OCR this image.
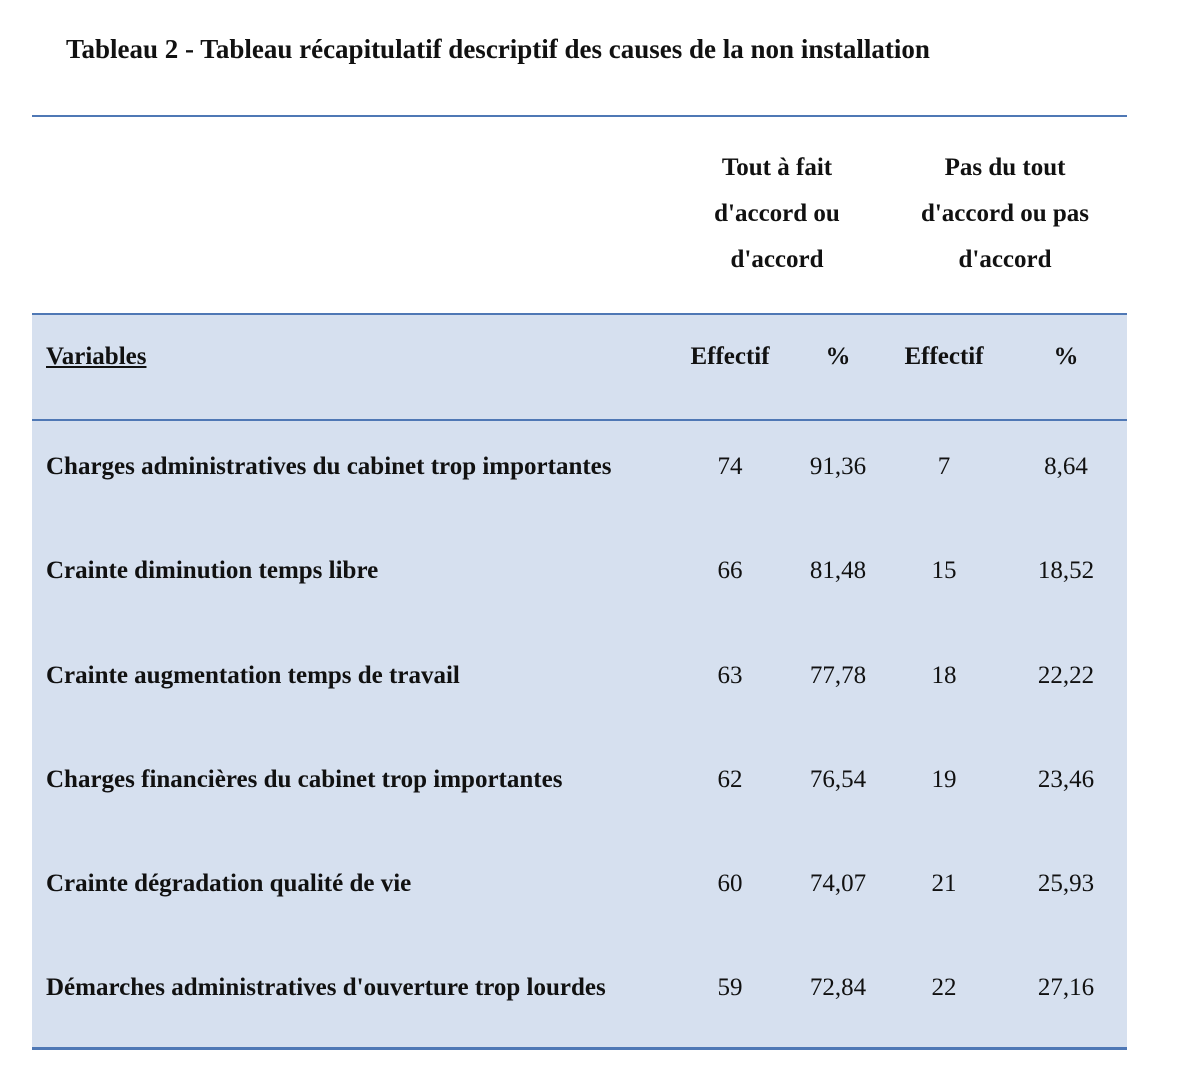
Tableau 2 - Tableau récapitulatif descriptif des causes de la non installation
Tout à fait
d'accord ou
d'accord
Pas du tout
d'accord ou pas
d'accord
Variables	Effectif	%	Effectif	%
Charges administratives du cabinet trop importantes	74	91,36	7	8,64
Crainte diminution temps libre	66	81,48	15	18,52
Crainte augmentation temps de travail	63	77,78	18	22,22
Charges financières du cabinet trop importantes	62	76,54	19	23,46
Crainte dégradation qualité de vie	60	74,07	21	25,93
Démarches administratives d'ouverture trop lourdes	59	72,84	22	27,16
